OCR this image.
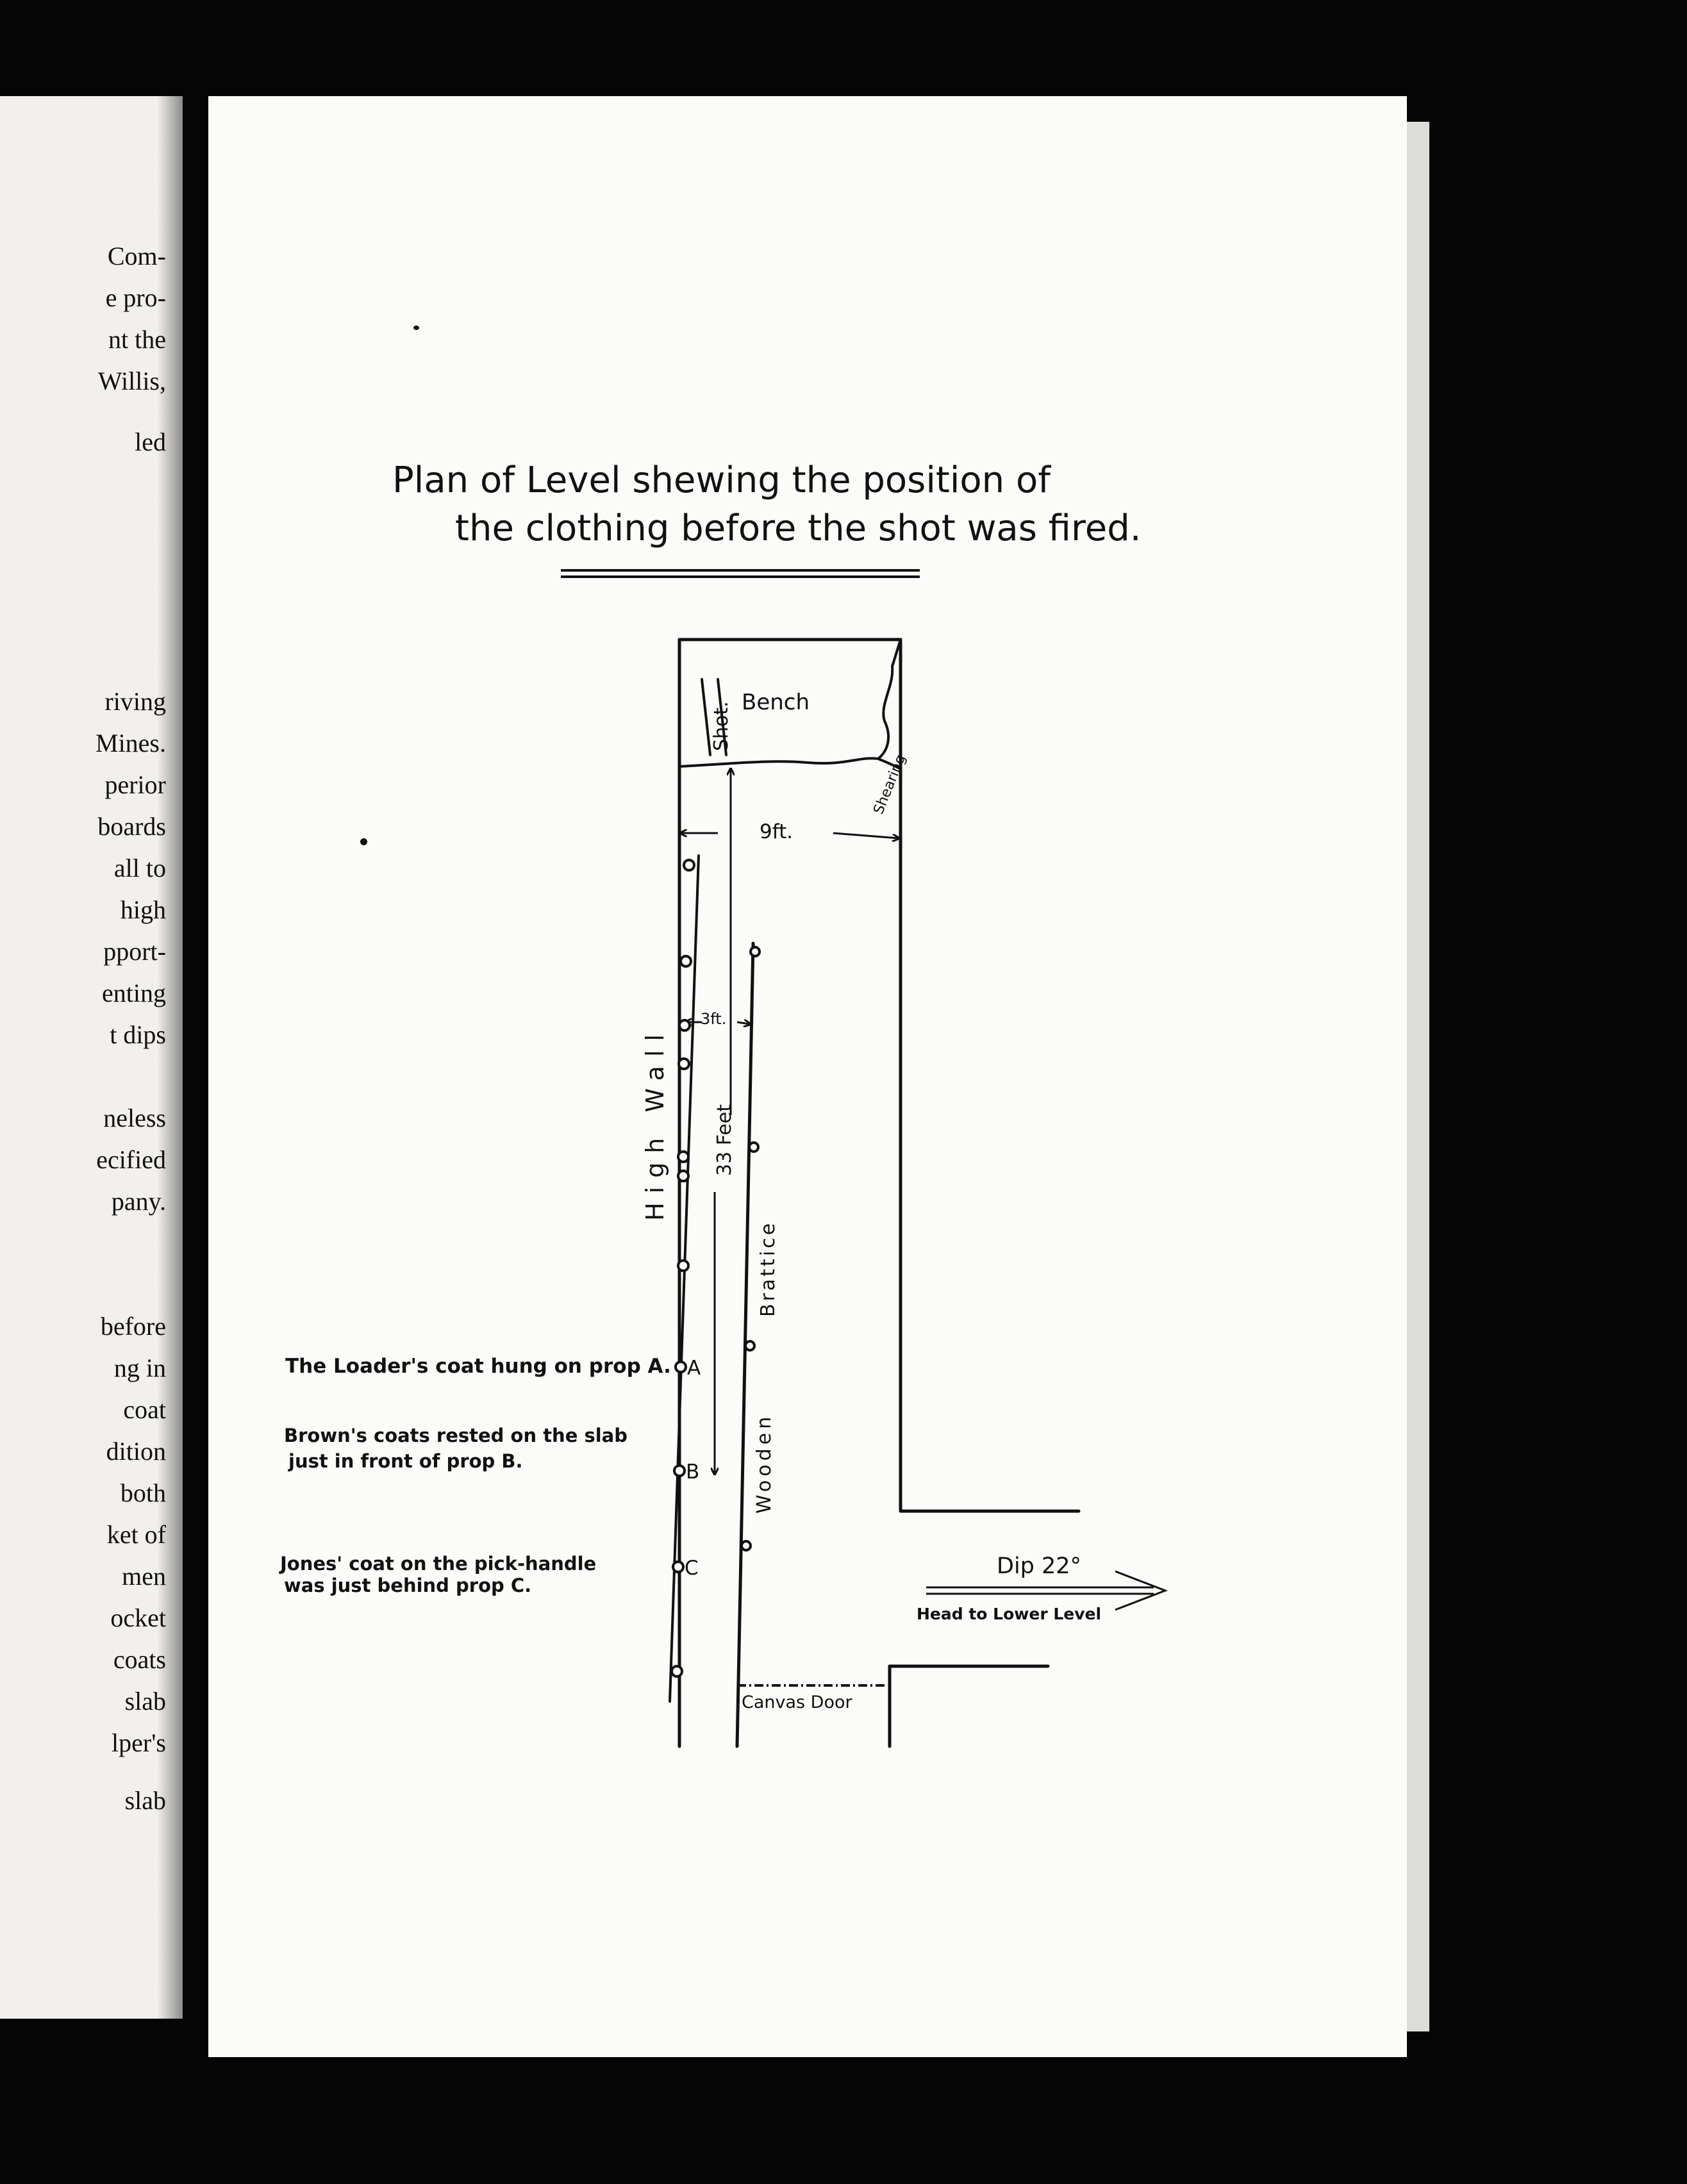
Com-
e pro-
nt the
Willis,
led
riving
Mines.
perior
boards
all to
high
pport-
enting
t dips
neless
ecified
pany.
before
ng in
coat
dition
both
ket of
men
ocket
coats
slab
lper's
slab
Plan of Level shewing the position of
the clothing before the shot was fired.
Bench
Shot.
Shearing
9ft.
3ft.
33 Feet
High Wall
Brattice
Wooden
Canvas Door
Dip 22°
Head to Lower Level
A
B
C
The Loader's coat hung on prop A.
Brown's coats rested on the slab
just in front of prop B.
Jones' coat on the pick-handle
was just behind prop C.
